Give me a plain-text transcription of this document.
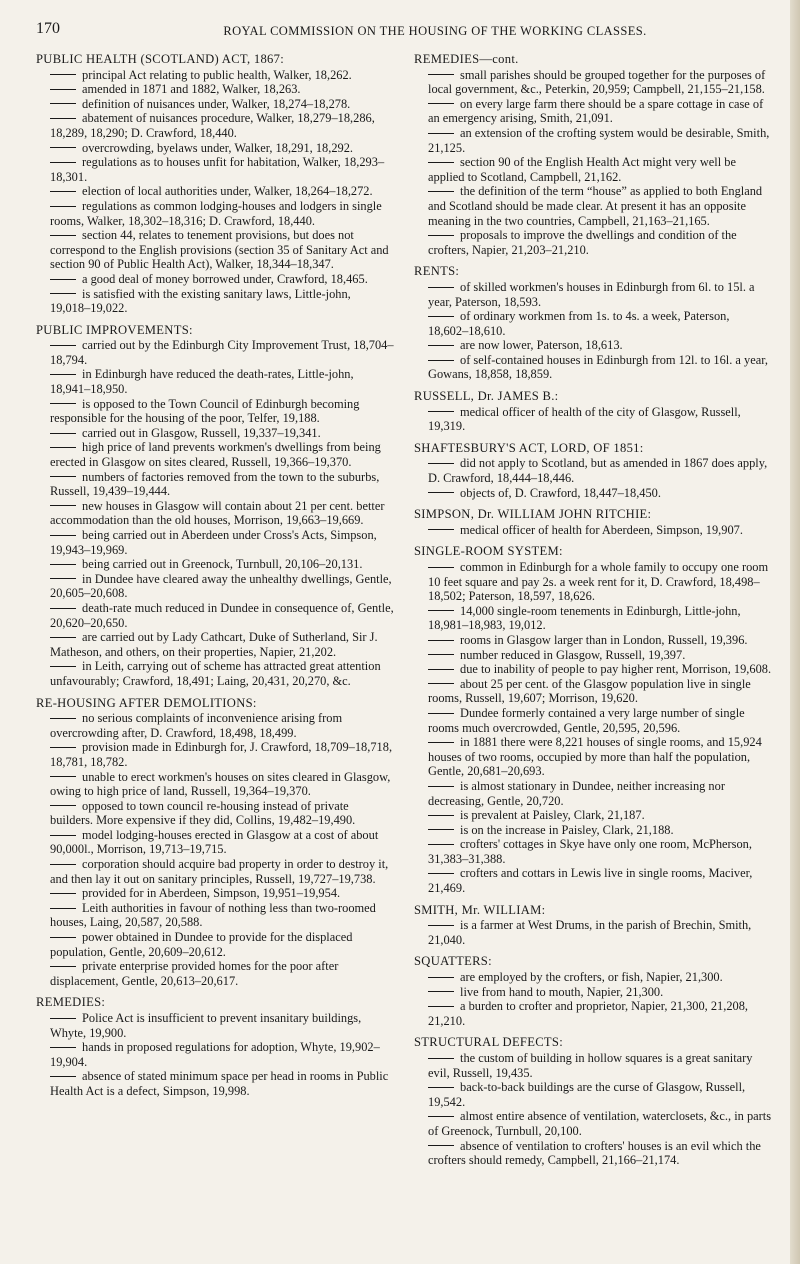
170	ROYAL COMMISSION ON THE HOUSING OF THE WORKING CLASSES.
PUBLIC HEALTH (SCOTLAND) ACT, 1867:
principal Act relating to public health, Walker, 18,262.
amended in 1871 and 1882, Walker, 18,263.
definition of nuisances under, Walker, 18,274–18,278.
abatement of nuisances procedure, Walker, 18,279–18,286, 18,289, 18,290; D. Crawford, 18,440.
overcrowding, byelaws under, Walker, 18,291, 18,292.
regulations as to houses unfit for habitation, Walker, 18,293–18,301.
election of local authorities under, Walker, 18,264–18,272.
regulations as common lodging-houses and lodgers in single rooms, Walker, 18,302–18,316; D. Crawford, 18,440.
section 44, relates to tenement provisions, but does not correspond to the English provisions (section 35 of Sanitary Act and section 90 of Public Health Act), Walker, 18,344–18,347.
a good deal of money borrowed under, Crawford, 18,465.
is satisfied with the existing sanitary laws, Little-john, 19,018–19,022.
PUBLIC IMPROVEMENTS:
carried out by the Edinburgh City Improvement Trust, 18,704–18,794.
in Edinburgh have reduced the death-rates, Little-john, 18,941–18,950.
is opposed to the Town Council of Edinburgh becoming responsible for the housing of the poor, Telfer, 19,188.
carried out in Glasgow, Russell, 19,337–19,341.
high price of land prevents workmen's dwellings from being erected in Glasgow on sites cleared, Russell, 19,366–19,370.
numbers of factories removed from the town to the suburbs, Russell, 19,439–19,444.
new houses in Glasgow will contain about 21 per cent. better accommodation than the old houses, Morrison, 19,663–19,669.
being carried out in Aberdeen under Cross's Acts, Simpson, 19,943–19,969.
being carried out in Greenock, Turnbull, 20,106–20,131.
in Dundee have cleared away the unhealthy dwellings, Gentle, 20,605–20,608.
death-rate much reduced in Dundee in consequence of, Gentle, 20,620–20,650.
are carried out by Lady Cathcart, Duke of Sutherland, Sir J. Matheson, and others, on their properties, Napier, 21,202.
in Leith, carrying out of scheme has attracted great attention unfavourably; Crawford, 18,491; Laing, 20,431, 20,270, &c.
RE-HOUSING AFTER DEMOLITIONS:
no serious complaints of inconvenience arising from overcrowding after, D. Crawford, 18,498, 18,499.
provision made in Edinburgh for, J. Crawford, 18,709–18,718, 18,781, 18,782.
unable to erect workmen's houses on sites cleared in Glasgow, owing to high price of land, Russell, 19,364–19,370.
opposed to town council re-housing instead of private builders. More expensive if they did, Collins, 19,482–19,490.
model lodging-houses erected in Glasgow at a cost of about 90,000l., Morrison, 19,713–19,715.
corporation should acquire bad property in order to destroy it, and then lay it out on sanitary principles, Russell, 19,727–19,738.
provided for in Aberdeen, Simpson, 19,951–19,954.
Leith authorities in favour of nothing less than two-roomed houses, Laing, 20,587, 20,588.
power obtained in Dundee to provide for the displaced population, Gentle, 20,609–20,612.
private enterprise provided homes for the poor after displacement, Gentle, 20,613–20,617.
REMEDIES:
Police Act is insufficient to prevent insanitary buildings, Whyte, 19,900.
hands in proposed regulations for adoption, Whyte, 19,902–19,904.
absence of stated minimum space per head in rooms in Public Health Act is a defect, Simpson, 19,998.
REMEDIES—cont.
small parishes should be grouped together for the purposes of local government, &c., Peterkin, 20,959; Campbell, 21,155–21,158.
on every large farm there should be a spare cottage in case of an emergency arising, Smith, 21,091.
an extension of the crofting system would be desirable, Smith, 21,125.
section 90 of the English Health Act might very well be applied to Scotland, Campbell, 21,162.
the definition of the term “house” as applied to both England and Scotland should be made clear. At present it has an opposite meaning in the two countries, Campbell, 21,163–21,165.
proposals to improve the dwellings and condition of the crofters, Napier, 21,203–21,210.
RENTS:
of skilled workmen's houses in Edinburgh from 6l. to 15l. a year, Paterson, 18,593.
of ordinary workmen from 1s. to 4s. a week, Paterson, 18,602–18,610.
are now lower, Paterson, 18,613.
of self-contained houses in Edinburgh from 12l. to 16l. a year, Gowans, 18,858, 18,859.
RUSSELL, Dr. JAMES B.:
medical officer of health of the city of Glasgow, Russell, 19,319.
SHAFTESBURY'S ACT, LORD, OF 1851:
did not apply to Scotland, but as amended in 1867 does apply, D. Crawford, 18,444–18,446.
objects of, D. Crawford, 18,447–18,450.
SIMPSON, Dr. WILLIAM JOHN RITCHIE:
medical officer of health for Aberdeen, Simpson, 19,907.
SINGLE-ROOM SYSTEM:
common in Edinburgh for a whole family to occupy one room 10 feet square and pay 2s. a week rent for it, D. Crawford, 18,498–18,502; Paterson, 18,597, 18,626.
14,000 single-room tenements in Edinburgh, Little-john, 18,981–18,983, 19,012.
rooms in Glasgow larger than in London, Russell, 19,396.
number reduced in Glasgow, Russell, 19,397.
due to inability of people to pay higher rent, Morrison, 19,608.
about 25 per cent. of the Glasgow population live in single rooms, Russell, 19,607; Morrison, 19,620.
Dundee formerly contained a very large number of single rooms much overcrowded, Gentle, 20,595, 20,596.
in 1881 there were 8,221 houses of single rooms, and 15,924 houses of two rooms, occupied by more than half the population, Gentle, 20,681–20,693.
is almost stationary in Dundee, neither increasing nor decreasing, Gentle, 20,720.
is prevalent at Paisley, Clark, 21,187.
is on the increase in Paisley, Clark, 21,188.
crofters' cottages in Skye have only one room, McPherson, 31,383–31,388.
crofters and cottars in Lewis live in single rooms, Maciver, 21,469.
SMITH, Mr. WILLIAM:
is a farmer at West Drums, in the parish of Brechin, Smith, 21,040.
SQUATTERS:
are employed by the crofters, or fish, Napier, 21,300.
live from hand to mouth, Napier, 21,300.
a burden to crofter and proprietor, Napier, 21,300, 21,208, 21,210.
STRUCTURAL DEFECTS:
the custom of building in hollow squares is a great sanitary evil, Russell, 19,435.
back-to-back buildings are the curse of Glasgow, Russell, 19,542.
almost entire absence of ventilation, waterclosets, &c., in parts of Greenock, Turnbull, 20,100.
absence of ventilation to crofters' houses is an evil which the crofters should remedy, Campbell, 21,166–21,174.
